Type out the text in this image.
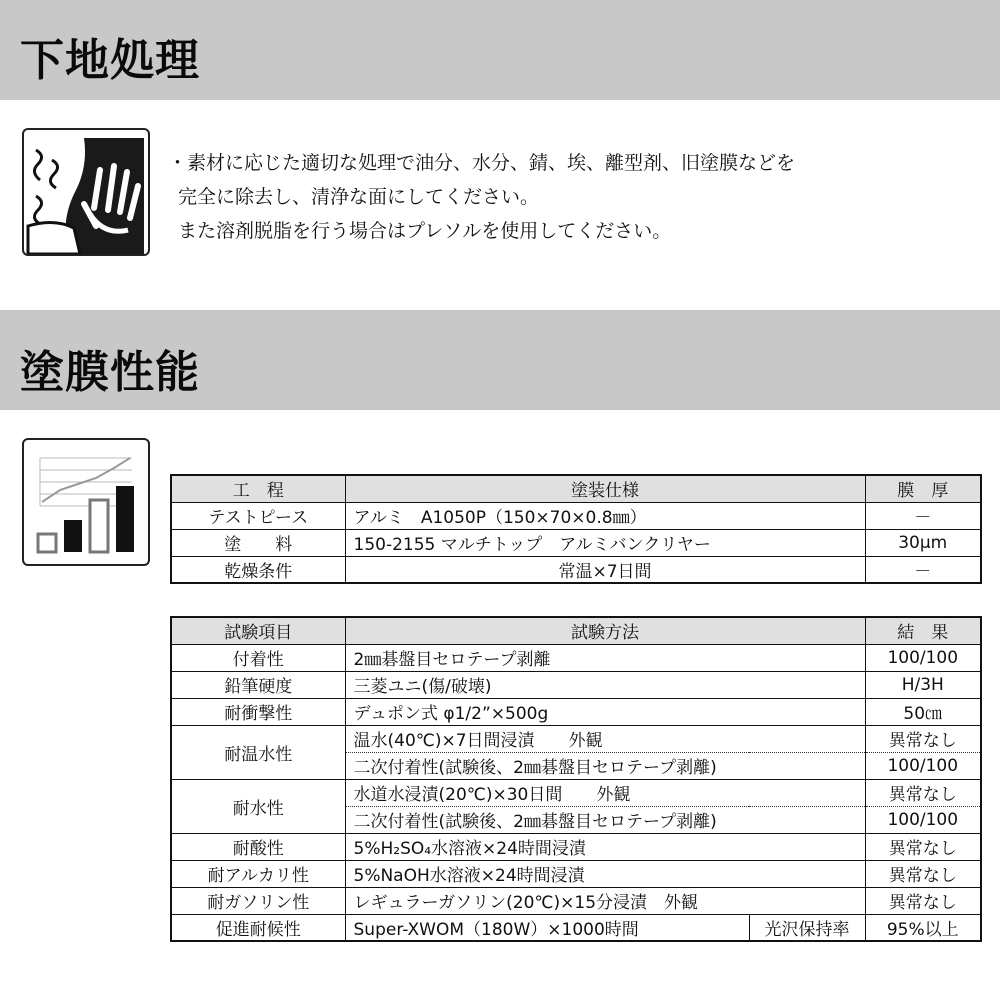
下地処理
・素材に応じた適切な処理で油分、水分、錆、埃、離型剤、旧塗膜などを
完全に除去し、清浄な面にしてください。
また溶剤脱脂を行う場合はプレソルを使用してください。
塗膜性能
工　程	塗装仕様	膜　厚
テストピース	アルミ　A1050P（150×70×0.8㎜）	－
塗　　料	150-2155 マルチトップ　アルミバンクリヤー	30μm
乾燥条件	常温×7日間	－
試験項目	試験方法		結　果
付着性	2㎜碁盤目セロテープ剥離		100/100
鉛筆硬度	三菱ユニ(傷/破壊)		H/3H
耐衝撃性	デュポン式 φ1/2”×500g		50㎝
耐温水性	温水(40℃)×7日間浸漬　　外観		異常なし
	二次付着性(試験後、2㎜碁盤目セロテープ剥離)		100/100
耐水性	水道水浸漬(20℃)×30日間　　外観		異常なし
	二次付着性(試験後、2㎜碁盤目セロテープ剥離)		100/100
耐酸性	5%H₂SO₄水溶液×24時間浸漬		異常なし
耐アルカリ性	5%NaOH水溶液×24時間浸漬		異常なし
耐ガソリン性	レギュラーガソリン(20℃)×15分浸漬　外観		異常なし
促進耐候性	Super-XWOM（180W）×1000時間	光沢保持率	95%以上
